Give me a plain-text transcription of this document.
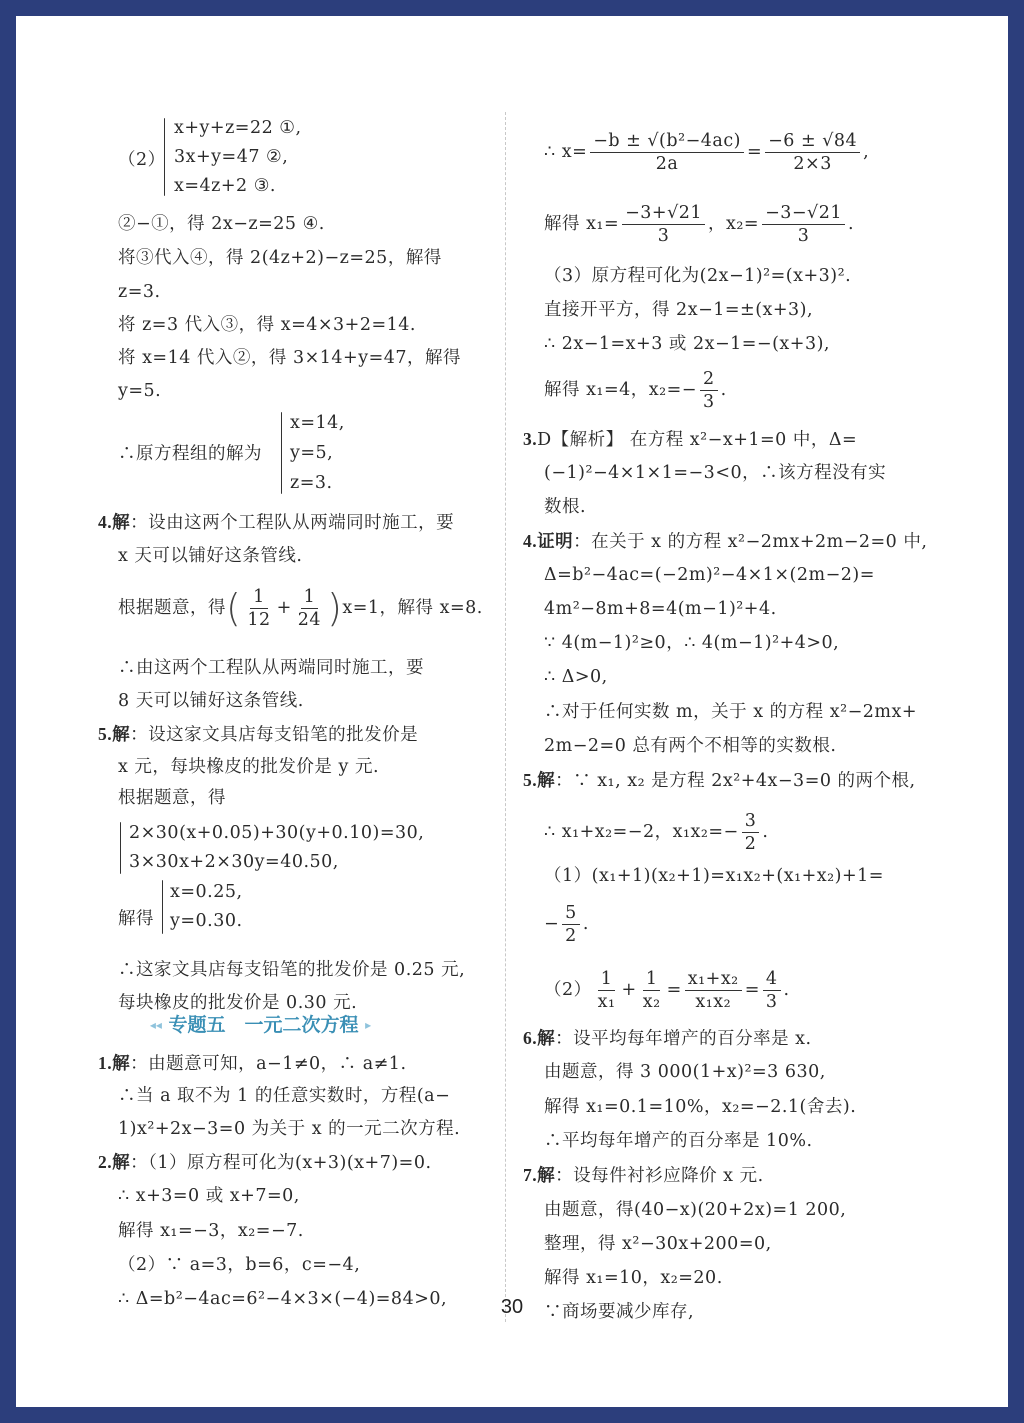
（2）
x+y+z=22 ①,
3x+y=47 ②,
x=4z+2 ③.
②−①，得 2x−z=25 ④.
将③代入④，得 2(4z+2)−z=25，解得
z=3.
将 z=3 代入③，得 x=4×3+2=14.
将 x=14 代入②，得 3×14+y=47，解得
y=5.
∴原方程组的解为
x=14,
y=5,
z=3.
4.解：设由这两个工程队从两端同时施工，要
x 天可以铺好这条管线.
根据题意，得( $\frac{1}{12} + \frac{1}{24} )x=1$，解得 x=8.
∴由这两个工程队从两端同时施工，要
8 天可以铺好这条管线.
5.解：设这家文具店每支铅笔的批发价是
x 元，每块橡皮的批发价是 y 元.
根据题意，得
2×30(x+0.05)+30(y+0.10)=30,
3×30x+2×30y=40.50,
解得
x=0.25,
y=0.30.
∴这家文具店每支铅笔的批发价是 0.25 元,
每块橡皮的批发价是 0.30 元.
◂◂ 专题五　一元二次方程 ▸
1.解：由题意可知，a−1≠0，∴ a≠1.
∴当 a 取不为 1 的任意实数时，方程(a−
1)x²+2x−3=0 为关于 x 的一元二次方程.
2.解：（1）原方程可化为(x+3)(x+7)=0.
∴ x+3=0 或 x+7=0,
解得 x₁=−3，x₂=−7.
（2）∵ a=3，b=6，c=−4,
∴ Δ=b²−4ac=6²−4×3×(−4)=84>0,
∴ $x= \frac{\text{−b ± √(b²−4ac)}}{2a} = \frac{-6 \pm √84}{2\times 3}$ ,
解得 $x_1= \frac{-3+√21}{3}$ ，$x_2= \frac{-3-√21}{3}$ .
（3）原方程可化为(2x−1)²=(x+3)².
直接开平方，得 2x−1=±(x+3),
∴ 2x−1=x+3 或 2x−1=−(x+3),
解得 x₁=4，$x_2=- \frac{2}{3}$ .
3.D【解析】 在方程 x²−x+1=0 中，Δ=
(−1)²−4×1×1=−3<0，∴该方程没有实
数根.
4.证明：在关于 x 的方程 x²−2mx+2m−2=0 中,
Δ=b²−4ac=(−2m)²−4×1×(2m−2)=
4m²−8m+8=4(m−1)²+4.
∵ 4(m−1)²≥0，∴ 4(m−1)²+4>0,
∴ Δ>0,
∴对于任何实数 m，关于 x 的方程 x²−2mx+
2m−2=0 总有两个不相等的实数根.
5.解：∵ x₁, x₂ 是方程 2x²+4x−3=0 的两个根,
∴ x₁+x₂=−2，$x_1x_2=- \frac{3}{2}$ .
（1）(x₁+1)(x₂+1)=x₁x₂+(x₁+x₂)+1=
− $\frac{5}{2}$ .
$(2) \frac{1}{\text{x₁}} + \frac{1}{\text{x₂}} = \frac{\text{x₁+x₂}}{\text{x₁x₂}} = \frac{4}{3}$ .
6.解：设平均每年增产的百分率是 x.
由题意，得 3 000(1+x)²=3 630,
解得 x₁=0.1=10%，x₂=−2.1(舍去).
∴平均每年增产的百分率是 10%.
7.解：设每件衬衫应降价 x 元.
由题意，得(40−x)(20+2x)=1 200,
整理，得 x²−30x+200=0,
解得 x₁=10，x₂=20.
∵商场要减少库存,
30
